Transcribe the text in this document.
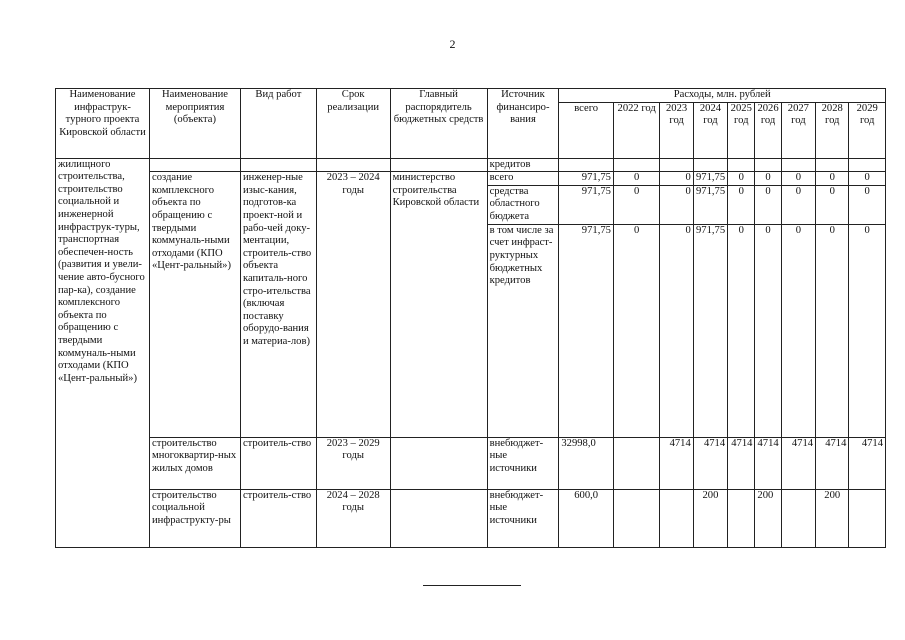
2
Наименование инфраструк-турного проекта Кировской области	Наименование мероприятия (объекта)	Вид работ	Срок реализации	Главный распорядитель бюджетных средств	Источник финансиро-вания	Расходы, млн. рублей								
						всего	2022 год	2023 год	2024 год	2025 год	2026 год	2027 год	2028 год	2029 год
жилищного строительства, строительство социальной и инженерной инфраструк-туры, транспортная обеспечен-ность (развития и увели-чение авто-бусного пар-ка), создание комплексного объекта по обращению с твердыми коммуналь-ными отходами (КПО «Цент-ральный»)					кредитов									
	создание комплексного объекта по обращению с твердыми коммуналь-ными отходами (КПО «Цент-ральный»)	инженер-ные изыс-кания, подготов-ка проект-ной и рабо-чей доку-ментации, строитель-ство объекта капиталь-ного стро-ительства (включая поставку оборудо-вания и материа-лов)	2023 – 2024 годы	министерство строительства Кировской области	всего	971,75	0	0	971,75	0	0	0	0	0
					средства областного бюджета	971,75	0	0	971,75	0	0	0	0	0
					в том числе за счет инфраст-руктурных бюджетных кредитов	971,75	0	0	971,75	0	0	0	0	0
	строительство многоквартир-ных жилых домов	строитель-ство	2023 – 2029 годы		внебюджет-ные источники	32998,0		4714	4714	4714	4714	4714	4714	4714
	строительство социальной инфраструкту-ры	строитель-ство	2024 – 2028 годы		внебюджет-ные источники	600,0			200		200		200	
